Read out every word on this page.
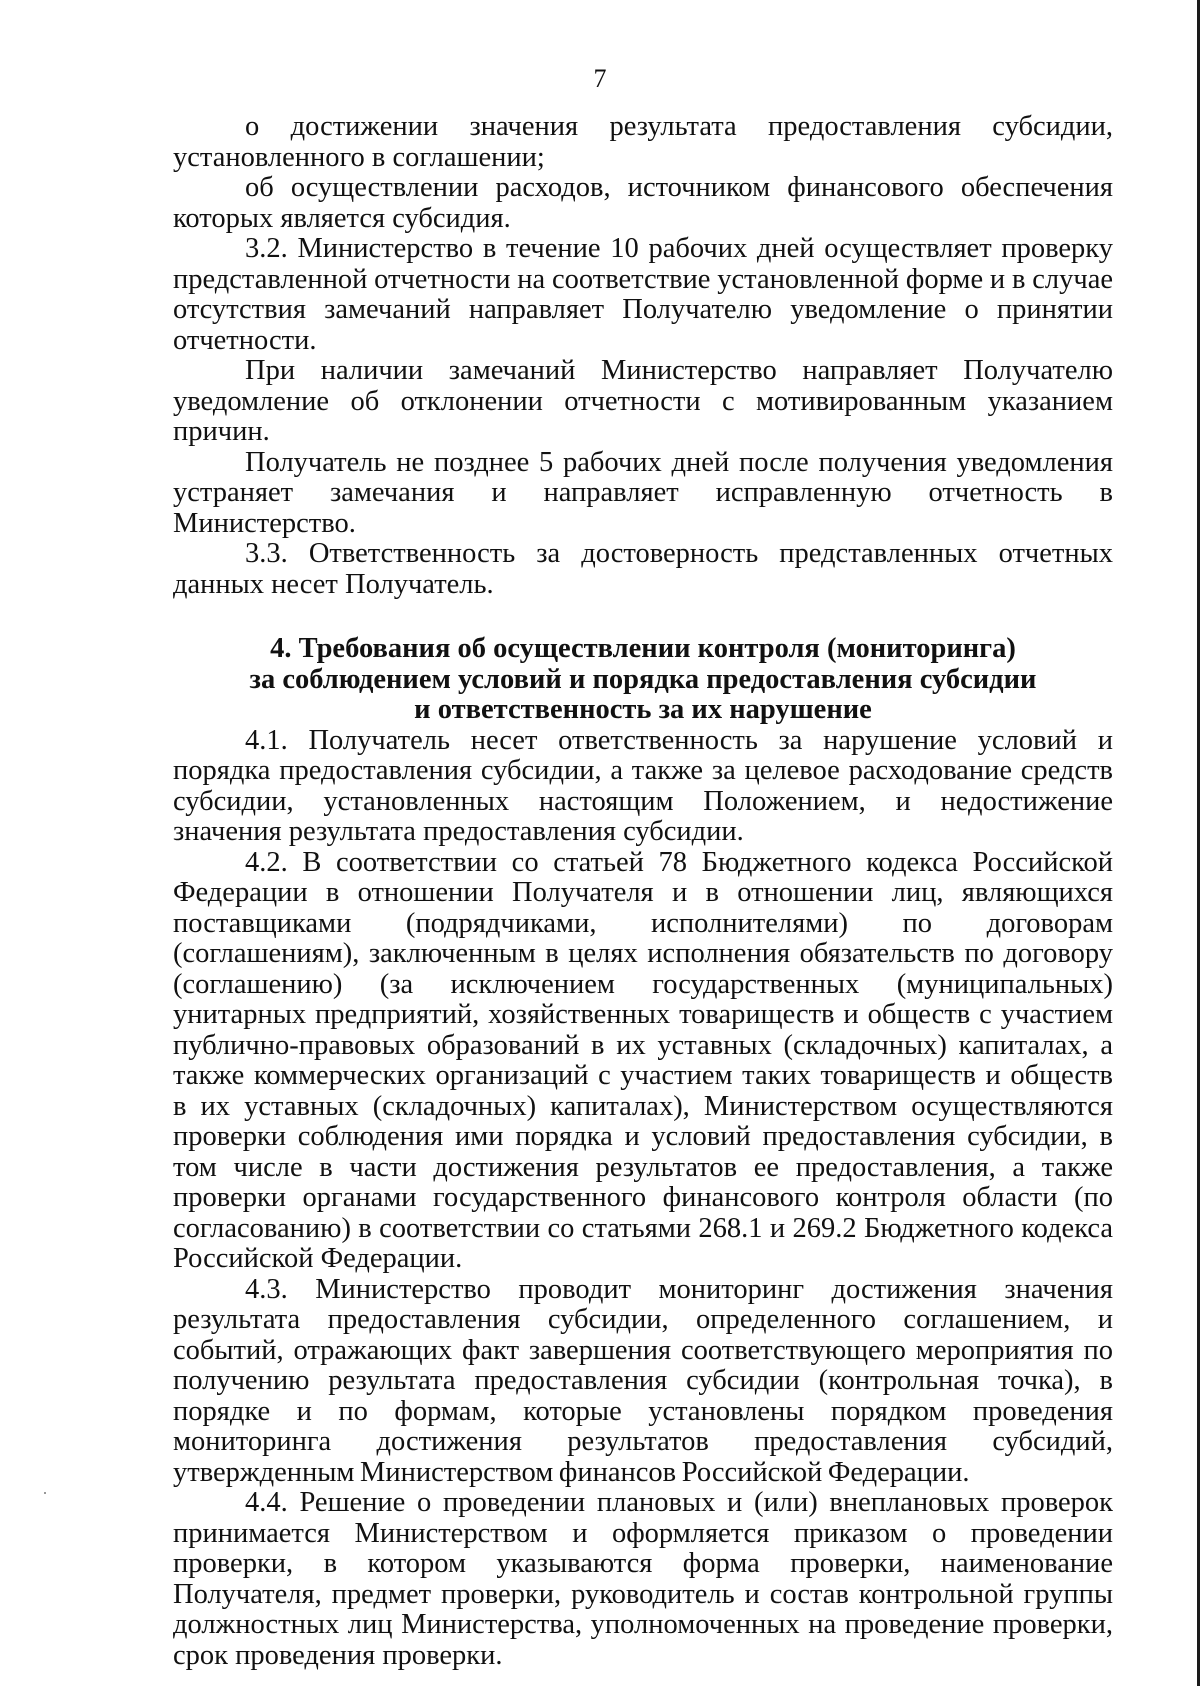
7

о достижении значения результата предоставления субсидии, установленного в соглашении;

об осуществлении расходов, источником финансового обеспечения которых является субсидия.

3.2. Министерство в течение 10 рабочих дней осуществляет проверку представленной отчетности на соответствие установленной форме и в случае отсутствия замечаний направляет Получателю уведомление о принятии отчетности.

При наличии замечаний Министерство направляет Получателю уведомление об отклонении отчетности с мотивированным указанием причин.

Получатель не позднее 5 рабочих дней после получения уведомления устраняет замечания и направляет исправленную отчетность в Министерство.

3.3. Ответственность за достоверность представленных отчетных данных несет Получатель.

4. Требования об осуществлении контроля (мониторинга)
за соблюдением условий и порядка предоставления субсидии
и ответственность за их нарушение

4.1. Получатель несет ответственность за нарушение условий и порядка предоставления субсидии, а также за целевое расходование средств субсидии, установленных настоящим Положением, и недостижение значения результата предоставления субсидии.

4.2. В соответствии со статьей 78 Бюджетного кодекса Российской Федерации в отношении Получателя и в отношении лиц, являющихся поставщиками (подрядчиками, исполнителями) по договорам (соглашениям), заключенным в целях исполнения обязательств по договору (соглашению) (за исключением государственных (муниципальных) унитарных предприятий, хозяйственных товариществ и обществ с участием публично-правовых образований в их уставных (складочных) капиталах, а также коммерческих организаций с участием таких товариществ и обществ в их уставных (складочных) капиталах), Министерством осуществляются проверки соблюдения ими порядка и условий предоставления субсидии, в том числе в части достижения результатов ее предоставления, а также проверки органами государственного финансового контроля области (по согласованию) в соответствии со статьями 268.1 и 269.2 Бюджетного кодекса Российской Федерации.

4.3. Министерство проводит мониторинг достижения значения результата предоставления субсидии, определенного соглашением, и событий, отражающих факт завершения соответствующего мероприятия по получению результата предоставления субсидии (контрольная точка), в порядке и по формам, которые установлены порядком проведения мониторинга достижения результатов предоставления субсидий, утвержденным Министерством финансов Российской Федерации.

4.4. Решение о проведении плановых и (или) внеплановых проверок принимается Министерством и оформляется приказом о проведении проверки, в котором указываются форма проверки, наименование Получателя, предмет проверки, руководитель и состав контрольной группы должностных лиц Министерства, уполномоченных на проведение проверки, срок проведения проверки.
